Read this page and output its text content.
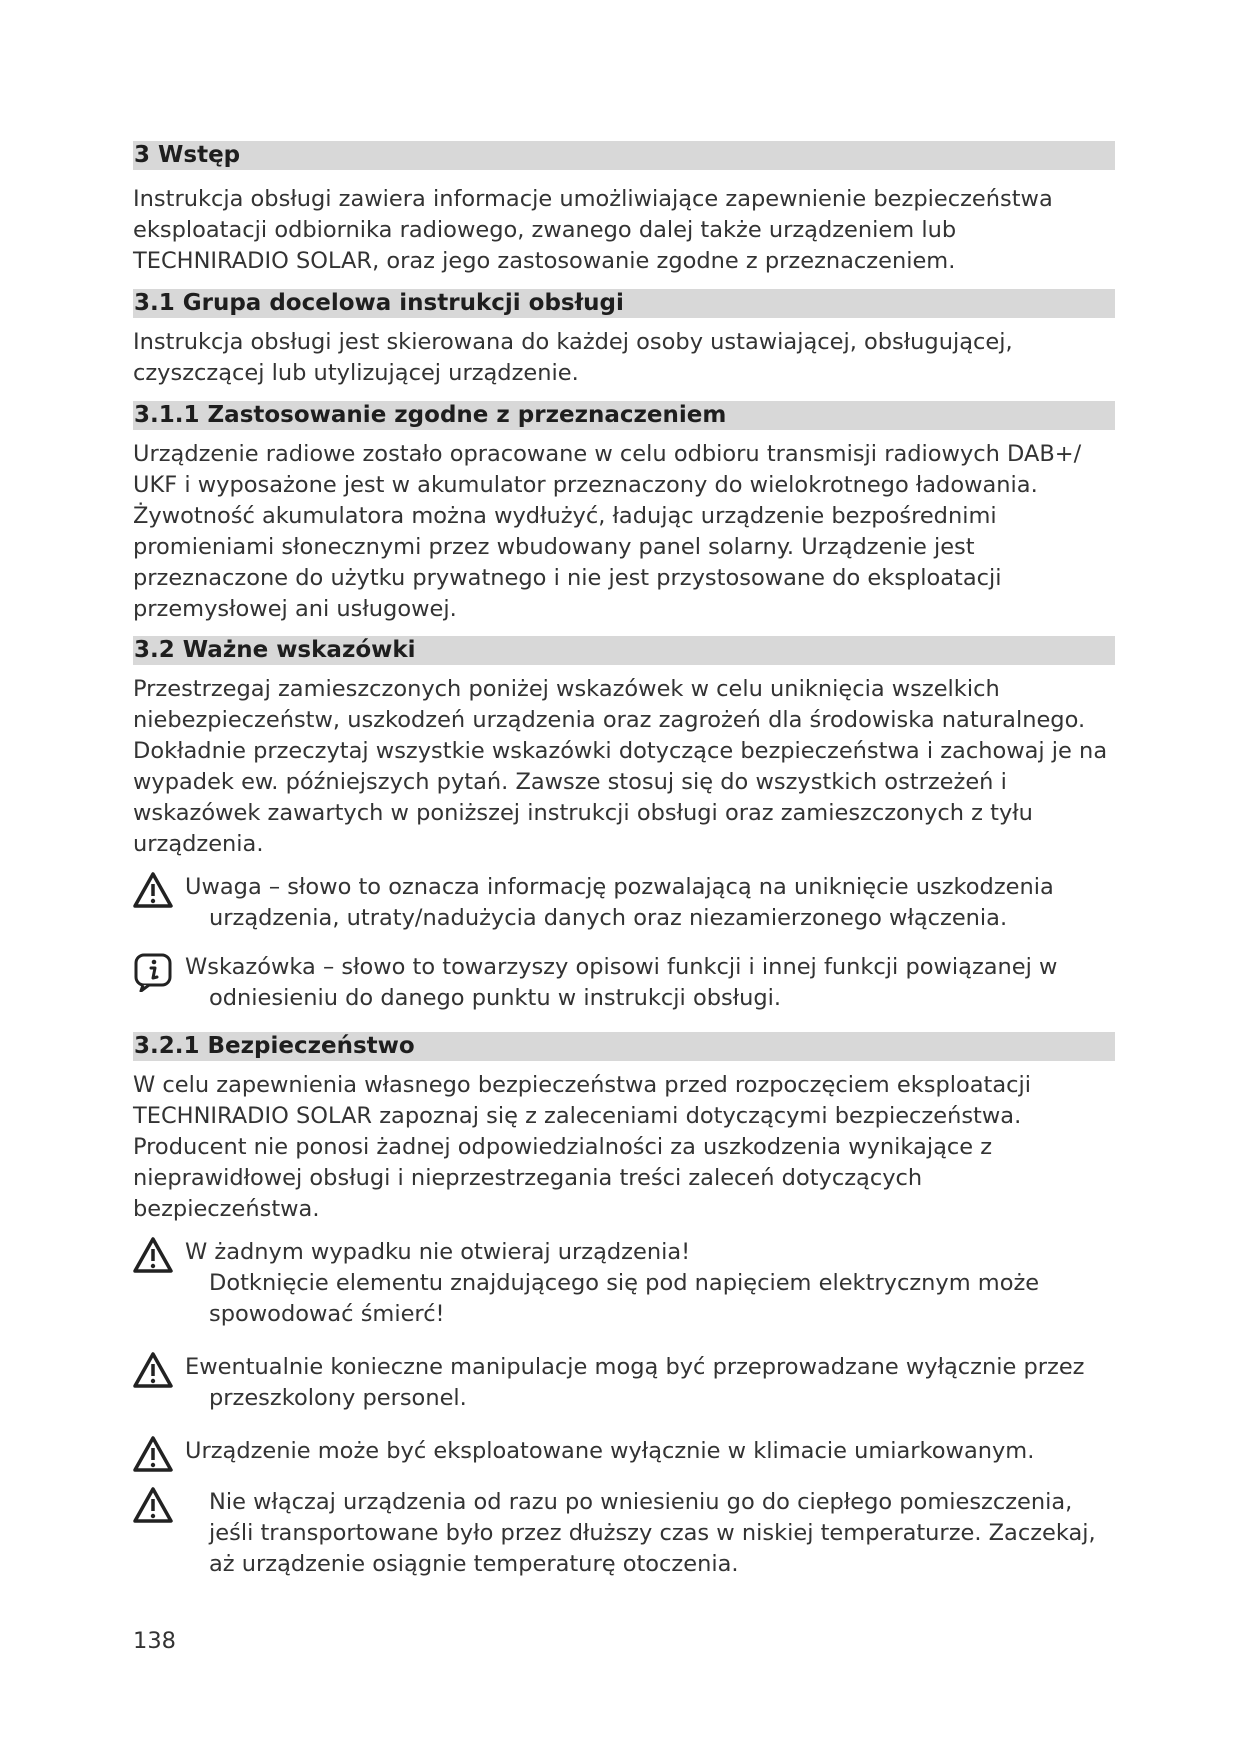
3 Wstęp

Instrukcja obsługi zawiera informacje umożliwiające zapewnienie bezpieczeństwa eksploatacji odbiornika radiowego, zwanego dalej także urządzeniem lub TECHNIRADIO SOLAR, oraz jego zastosowanie zgodne z przeznaczeniem.

3.1 Grupa docelowa instrukcji obsługi

Instrukcja obsługi jest skierowana do każdej osoby ustawiającej, obsługującej, czyszczącej lub utylizującej urządzenie.

3.1.1 Zastosowanie zgodne z przeznaczeniem

Urządzenie radiowe zostało opracowane w celu odbioru transmisji radiowych DAB+/ UKF i wyposażone jest w akumulator przeznaczony do wielokrotnego ładowania. Żywotność akumulatora można wydłużyć, ładując urządzenie bezpośrednimi promieniami słonecznymi przez wbudowany panel solarny. Urządzenie jest przeznaczone do użytku prywatnego i nie jest przystosowane do eksploatacji przemysłowej ani usługowej.

3.2 Ważne wskazówki

Przestrzegaj zamieszczonych poniżej wskazówek w celu uniknięcia wszelkich niebezpieczeństw, uszkodzeń urządzenia oraz zagrożeń dla środowiska naturalnego. Dokładnie przeczytaj wszystkie wskazówki dotyczące bezpieczeństwa i zachowaj je na wypadek ew. późniejszych pytań. Zawsze stosuj się do wszystkich ostrzeżeń i wskazówek zawartych w poniższej instrukcji obsługi oraz zamieszczonych z tyłu urządzenia.

Uwaga – słowo to oznacza informację pozwalającą na uniknięcie uszkodzenia urządzenia, utraty/nadużycia danych oraz niezamierzonego włączenia.
Wskazówka – słowo to towarzyszy opisowi funkcji i innej funkcji powiązanej w odniesieniu do danego punktu w instrukcji obsługi.
3.2.1 Bezpieczeństwo

W celu zapewnienia własnego bezpieczeństwa przed rozpoczęciem eksploatacji TECHNIRADIO SOLAR zapoznaj się z zaleceniami dotyczącymi bezpieczeństwa. Producent nie ponosi żadnej odpowiedzialności za uszkodzenia wynikające z nieprawidłowej obsługi i nieprzestrzegania treści zaleceń dotyczących bezpieczeństwa.

W żadnym wypadku nie otwieraj urządzenia!
Dotknięcie elementu znajdującego się pod napięciem elektrycznym może spowodować śmierć!
Ewentualnie konieczne manipulacje mogą być przeprowadzane wyłącznie przez przeszkolony personel.
Urządzenie może być eksploatowane wyłącznie w klimacie umiarkowanym.
Nie włączaj urządzenia od razu po wniesieniu go do ciepłego pomieszczenia, jeśli transportowane było przez dłuższy czas w niskiej temperaturze. Zaczekaj, aż urządzenie osiągnie temperaturę otoczenia.
138
